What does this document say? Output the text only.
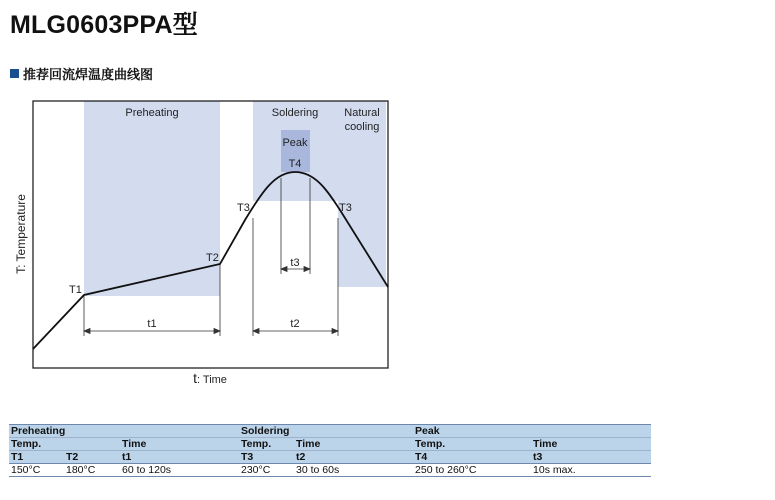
MLG0603PPA型
推荐回流焊温度曲线图
Preheating	Soldering Natural
cooling
Peak
T4
T1
T2
T3	T3
t1	t2
t3
T: Temperature
t: Time
Preheating			Soldering		Peak	
Temp.		Time	Temp.	Time	Temp.	Time
T1	T2	t1	T3	t2	T4	t3
150°C	180°C	60 to 120s	230°C	30 to 60s	250 to 260°C	10s max.
